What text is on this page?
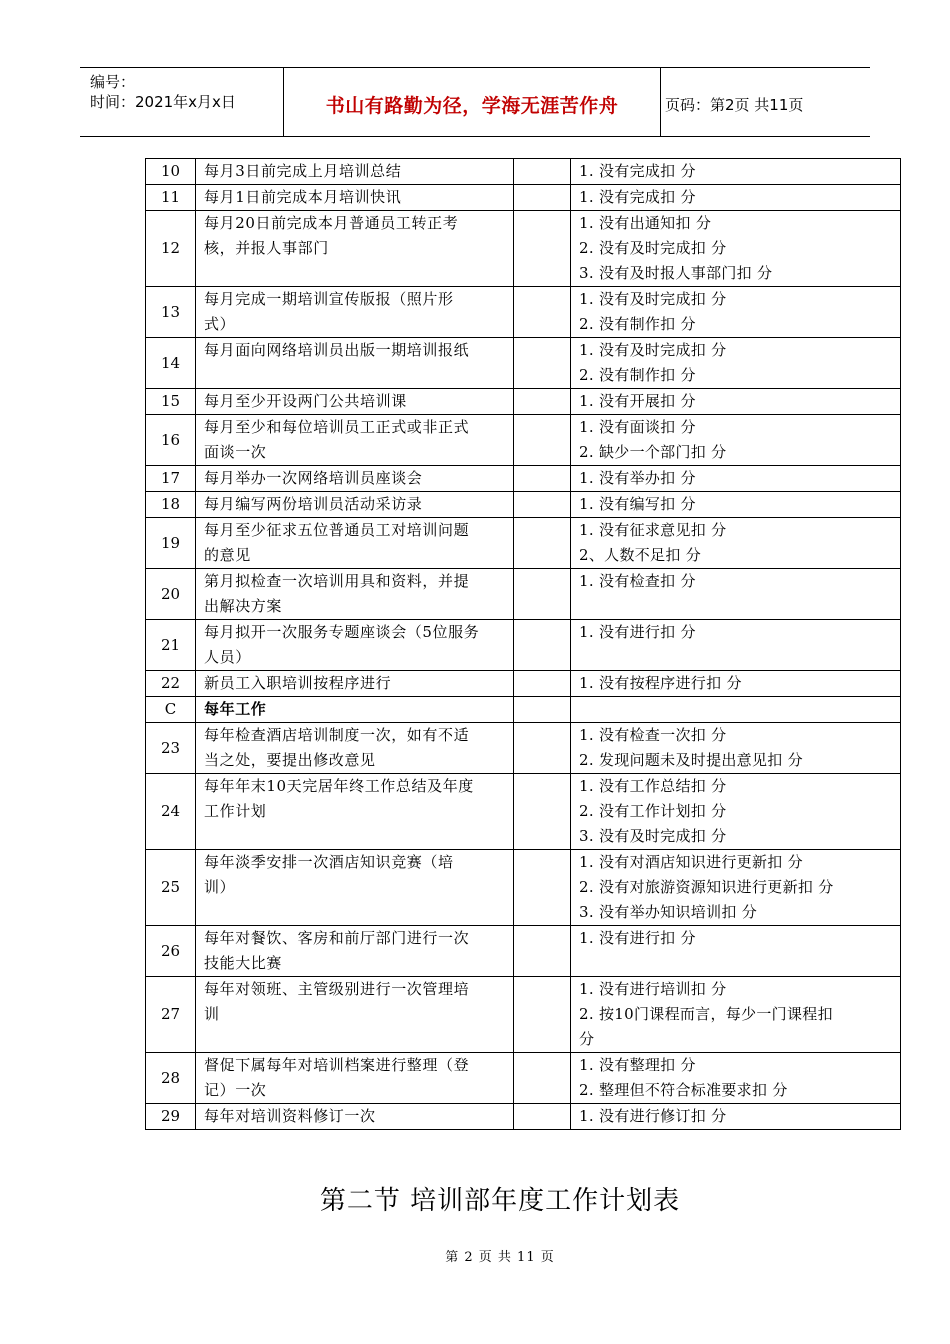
编号：
时间：2021年x月x日	书山有路勤为径，学海无涯苦作舟	页码：第2页 共11页
10	每月3日前完成上月培训总结		1. 没有完成扣 分

11	每月1日前完成本月培训快讯		1. 没有完成扣 分

12	每月20日前完成本月普通员工转正考
核，并报人事部门		1. 没有出通知扣 分
2. 没有及时完成扣 分
3. 没有及时报人事部门扣 分

13	每月完成一期培训宣传版报（照片形
式）		1. 没有及时完成扣 分
2. 没有制作扣 分

14	每月面向网络培训员出版一期培训报纸		1. 没有及时完成扣 分
2. 没有制作扣 分

15	每月至少开设两门公共培训课		1. 没有开展扣 分

16	每月至少和每位培训员工正式或非正式
面谈一次		1. 没有面谈扣 分
2. 缺少一个部门扣 分

17	每月举办一次网络培训员座谈会		1. 没有举办扣 分

18	每月编写两份培训员活动采访录		1. 没有编写扣 分

19	每月至少征求五位普通员工对培训问题
的意见		1. 没有征求意见扣 分
2、人数不足扣 分

20	第月拟检查一次培训用具和资料，并提
出解决方案		1. 没有检查扣 分

21	每月拟开一次服务专题座谈会（5位服务
人员）		1. 没有进行扣 分

22	新员工入职培训按程序进行		1. 没有按程序进行扣 分

C	每年工作		

23	每年检查酒店培训制度一次，如有不适
当之处，要提出修改意见		1. 没有检查一次扣 分
2. 发现问题未及时提出意见扣 分

24	每年年末10天完居年终工作总结及年度
工作计划		1. 没有工作总结扣 分
2. 没有工作计划扣 分
3. 没有及时完成扣 分

25	每年淡季安排一次酒店知识竞赛（培
训）		1. 没有对酒店知识进行更新扣 分
2. 没有对旅游资源知识进行更新扣 分
3. 没有举办知识培训扣 分

26	每年对餐饮、客房和前厅部门进行一次
技能大比赛		1. 没有进行扣 分

27	每年对领班、主管级别进行一次管理培
训		1. 没有进行培训扣 分
2. 按10门课程而言，每少一门课程扣
分

28	督促下属每年对培训档案进行整理（登
记）一次		1. 没有整理扣 分
2. 整理但不符合标准要求扣 分

29	每年对培训资料修订一次		1. 没有进行修订扣 分
第二节 培训部年度工作计划表
第 2 页 共 11 页
